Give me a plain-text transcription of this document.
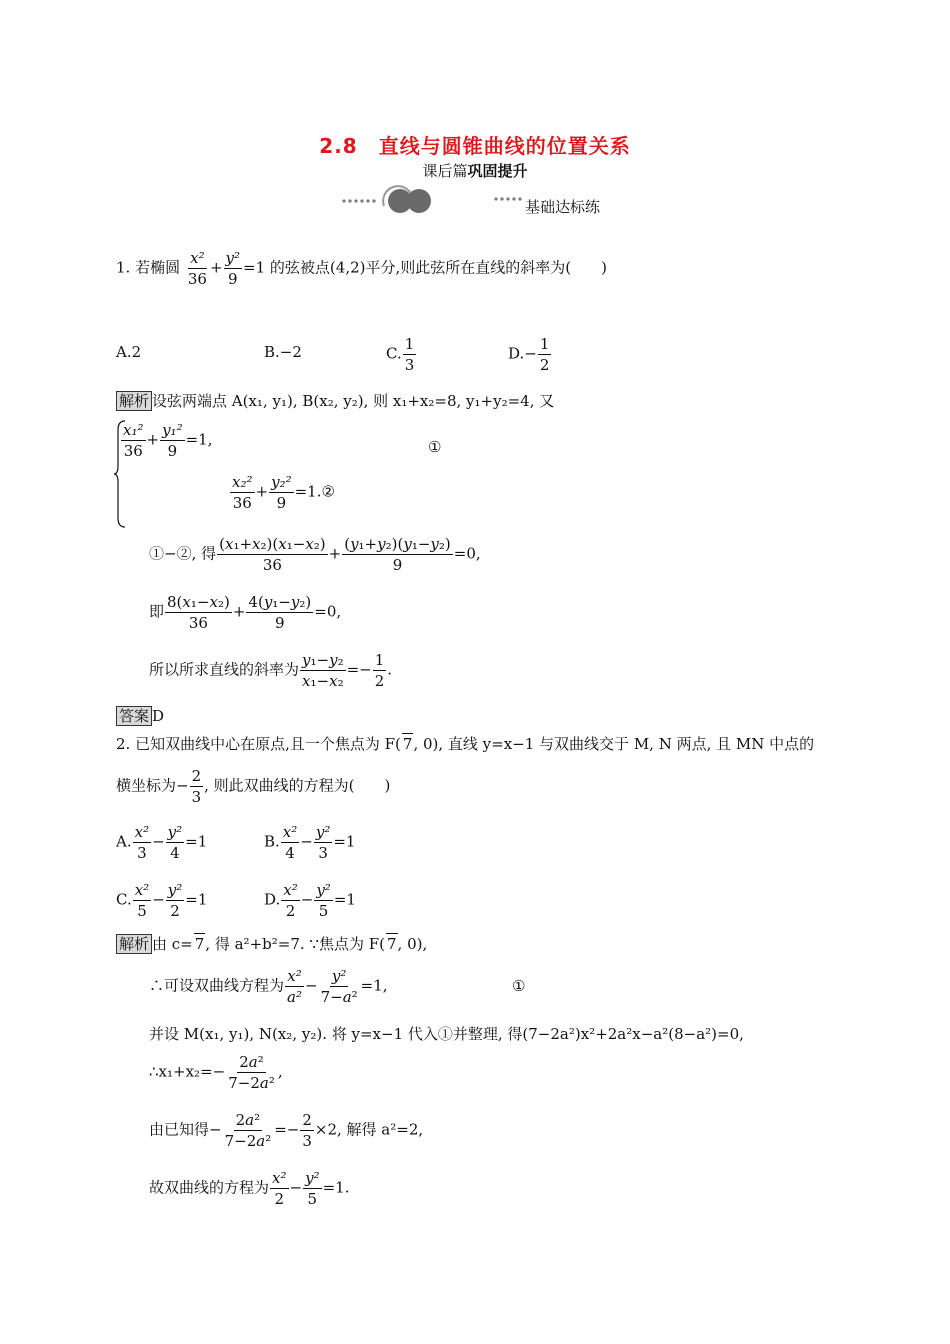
2.8　直线与圆锥曲线的位置关系
课后篇巩固提升
基础达标练
1. 若椭圆 $\frac{\text{x²}}{36} + \frac{\text{y²}}{9} =1$ 的弦被点(4,2)平分,则此弦所在直线的斜率为(　　)
A.2	B.−2	C. $\frac{1}{3}$	$D.- \frac{1}{2}$
解析 设弦两端点 A(x₁, y₁), B(x₂, y₂), 则 x₁+x₂=8, y₁+y₂=4, 又
$\frac{\text{x₁²}}{36} + \frac{\text{y₁²}}{9} =1$,	①
$\frac{\text{x₂²}}{36} + \frac{\text{y₂²}}{9}$ =1.②
①−②, 得 $\frac{\text{(x₁+x₂)(x₁−x₂)}}{36} + \frac{\text{(y₁+y₂)(y₁−y₂)}}{9} =0$,
即 $\frac{\text{8(x₁−x₂)}}{36} + \frac{\text{4(y₁−y₂)}}{9} =0$,
所以所求直线的斜率为 $\frac{\text{y₁−y₂}}{\text{x₁−x₂}} =- \frac{1}{2}$ .
答案 D
2. 已知双曲线中心在原点,且一个焦点为 F( 7, 0), 直线 y=x−1 与双曲线交于 M, N 两点, 且 MN 中点的
横坐标为− $\frac{2}{3}$ , 则此双曲线的方程为(　　)
A. $\frac{\text{x²}}{3} - \frac{\text{y²}}{4} =1$	B. $\frac{\text{x²}}{4} - \frac{\text{y²}}{3} =1$
C. $\frac{\text{x²}}{5} - \frac{\text{y²}}{2} =1$	D. $\frac{\text{x²}}{2} - \frac{\text{y²}}{5} =1$
解析 由 c= 7, 得 a²+b²=7. ∵焦点为 F( 7, 0),
∴可设双曲线方程为 $\frac{\text{x²}}{\text{a²}} - \frac{\text{y²}}{\text{7−a²}} =1$,	①
并设 M(x₁, y₁), N(x₂, y₂). 将 y=x−1 代入①并整理, 得(7−2a²)x²+2a²x−a²(8−a²)=0,
∴x₁+x₂=− $\frac{\text{2a²}}{\text{7−2a²}}$ ,
由已知得− $\frac{\text{2a²}}{\text{7−2a²}} =- \frac{2}{3} \times 2$, 解得 a²=2,
故双曲线的方程为 $\frac{\text{x²}}{2} - \frac{\text{y²}}{5} =1$.
